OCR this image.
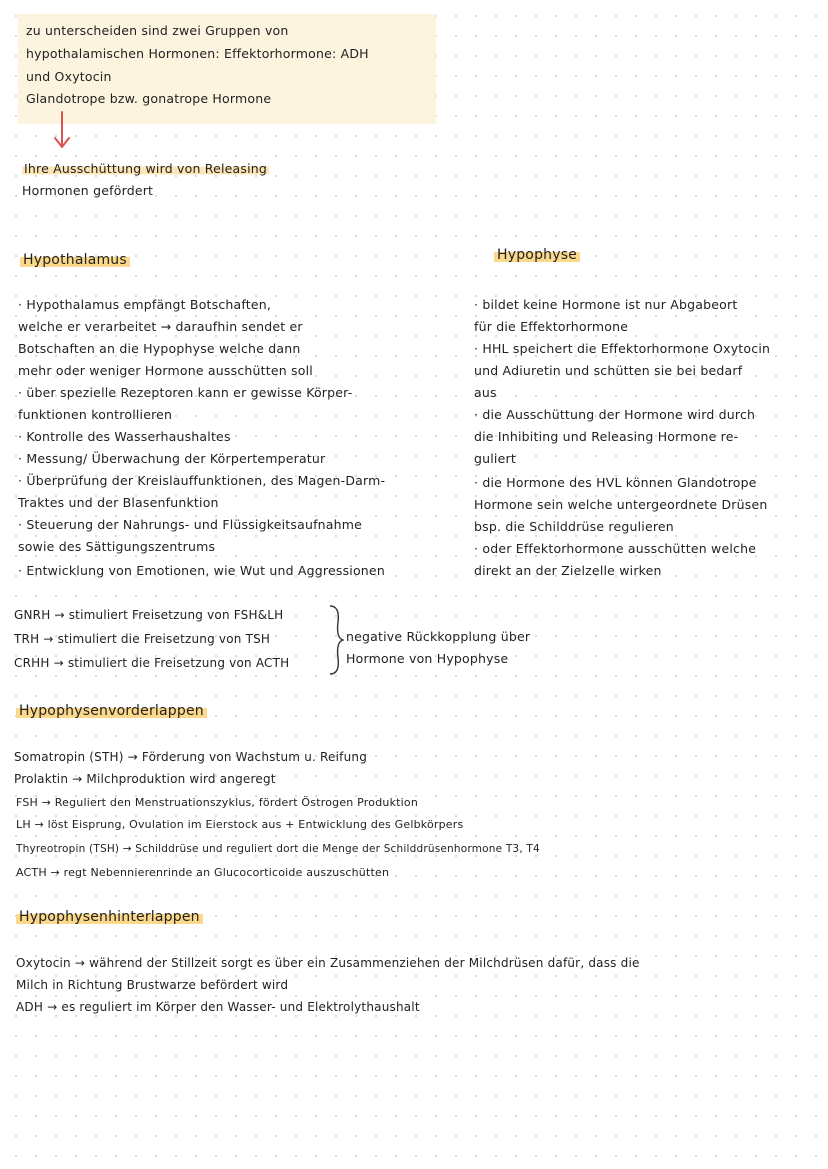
zu unterscheiden sind zwei Gruppen von
hypothalamischen Hormonen: Effektorhormone: ADH
und Oxytocin
Glandotrope bzw. gonatrope Hormone
Ihre Ausschüttung wird von Releasing
Hormonen gefördert
Hypothalamus	Hypophyse
· Hypothalamus empfängt Botschaften,
welche er verarbeitet → daraufhin sendet er
Botschaften an die Hypophyse welche dann
mehr oder weniger Hormone ausschütten soll
· über spezielle Rezeptoren kann er gewisse Körper-
funktionen kontrollieren
· Kontrolle des Wasserhaushaltes
· Messung/ Überwachung der Körpertemperatur
· Überprüfung der Kreislauffunktionen, des Magen-Darm-
Traktes und der Blasenfunktion
· Steuerung der Nahrungs- und Flüssigkeitsaufnahme
sowie des Sättigungszentrums
· Entwicklung von Emotionen, wie Wut und Aggressionen
· bildet keine Hormone ist nur Abgabeort
für die Effektorhormone
· HHL speichert die Effektorhormone Oxytocin
und Adiuretin und schütten sie bei bedarf
aus
· die Ausschüttung der Hormone wird durch
die Inhibiting und Releasing Hormone re-
guliert
· die Hormone des HVL können Glandotrope
Hormone sein welche untergeordnete Drüsen
bsp. die Schilddrüse regulieren
· oder Effektorhormone ausschütten welche
direkt an der Zielzelle wirken
GNRH → stimuliert Freisetzung von FSH&LH
TRH → stimuliert die Freisetzung von TSH
CRHH → stimuliert die Freisetzung von ACTH
negative Rückkopplung über
Hormone von Hypophyse
Hypophysenvorderlappen
Somatropin (STH) → Förderung von Wachstum u. Reifung
Prolaktin → Milchproduktion wird angeregt
FSH → Reguliert den Menstruationszyklus, fördert Östrogen Produktion
LH → löst Eisprung, Ovulation im Eierstock aus + Entwicklung des Gelbkörpers
Thyreotropin (TSH) → Schilddrüse und reguliert dort die Menge der Schilddrüsenhormone T3, T4
ACTH → regt Nebennierenrinde an Glucocorticoide auszuschütten
Hypophysenhinterlappen
Oxytocin → während der Stillzeit sorgt es über ein Zusammenziehen der Milchdrüsen dafür, dass die
Milch in Richtung Brustwarze befördert wird
ADH → es reguliert im Körper den Wasser- und Elektrolythaushalt
